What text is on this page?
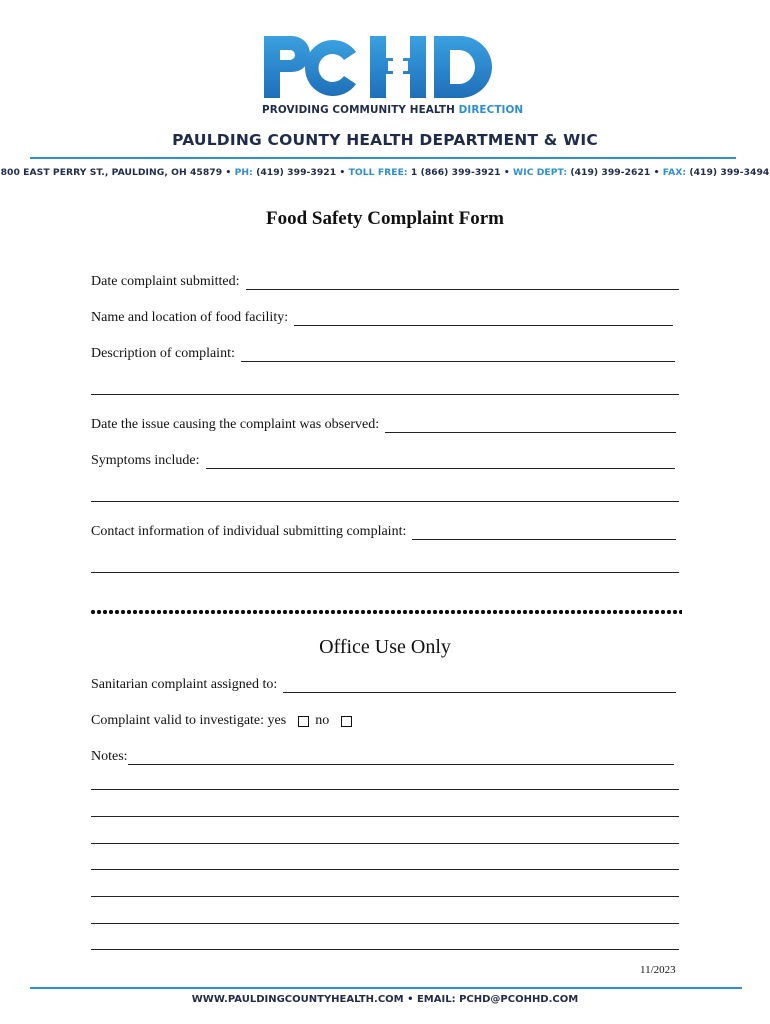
PROVIDING COMMUNITY HEALTH DIRECTION
PAULDING COUNTY HEALTH DEPARTMENT & WIC
800 EAST PERRY ST., PAULDING, OH 45879 • PH: (419) 399-3921 • TOLL FREE: 1 (866) 399-3921 • WIC DEPT: (419) 399-2621 • FAX: (419) 399-3494
Food Safety Complaint Form
Date complaint submitted:
Name and location of food facility:
Description of complaint:
Date the issue causing the complaint was observed:
Symptoms include:
Contact information of individual submitting complaint:
Office Use Only
Sanitarian complaint assigned to:
Complaint valid to investigate: yes no
Notes:
11/2023
WWW.PAULDINGCOUNTYHEALTH.COM • EMAIL: PCHD@PCOHHD.COM
